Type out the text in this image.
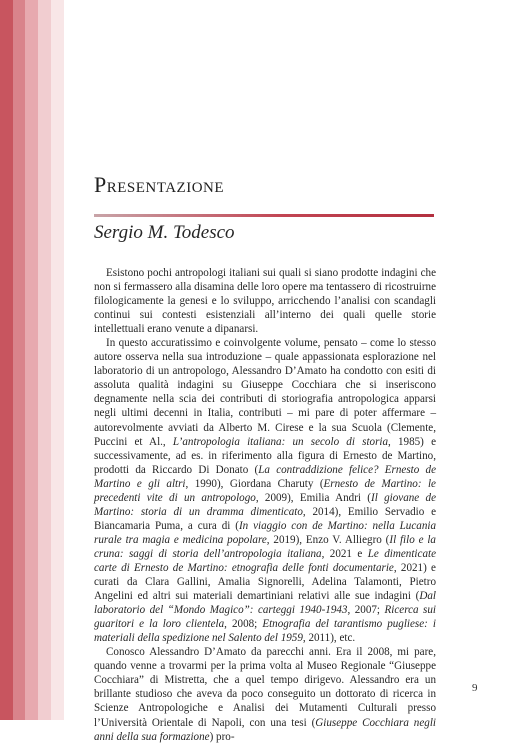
Presentazione
Sergio M. Todesco

Esistono pochi antropologi italiani sui quali si siano prodotte indagini che non si fermassero alla disamina delle loro opere ma tentassero di ricostruirne filologicamente la genesi e lo sviluppo, arricchendo l’analisi con scandagli continui sui contesti esistenziali all’interno dei quali quelle storie intellettuali erano venute a dipanarsi.

In questo accuratissimo e coinvolgente volume, pensato – come lo stesso autore osserva nella sua introduzione – quale appassionata esplorazione nel laboratorio di un antropologo, Alessandro D’Amato ha condotto con esiti di assoluta qualità indagini su Giuseppe Cocchiara che si inseriscono degnamente nella scia dei contributi di storiografia antropologica apparsi negli ultimi decenni in Italia, contributi – mi pare di poter affermare – autorevolmente avviati da Alberto M. Cirese e la sua Scuola (Clemente, Puccini et Al., L’antropologia italiana: un secolo di storia, 1985) e successivamente, ad es. in riferimento alla figura di Ernesto de Martino, prodotti da Riccardo Di Donato (La contraddizione felice? Ernesto de Martino e gli altri, 1990), Giordana Charuty (Ernesto de Martino: le precedenti vite di un antropologo, 2009), Emilia Andri (Il giovane de Martino: storia di un dramma dimenticato, 2014), Emilio Servadio e Biancamaria Puma, a cura di (In viaggio con de Martino: nella Lucania rurale tra magia e medicina popolare, 2019), Enzo V. Alliegro (Il filo e la cruna: saggi di storia dell’antropologia italiana, 2021 e Le dimenticate carte di Ernesto de Martino: etnografia delle fonti documentarie, 2021) e curati da Clara Gallini, Amalia Signorelli, Adelina Talamonti, Pietro Angelini ed altri sui materiali demartiniani relativi alle sue indagini (Dal laboratorio del “Mondo Magico”: carteggi 1940-1943, 2007; Ricerca sui guaritori e la loro clientela, 2008; Etnografia del tarantismo pugliese: i materiali della spedizione nel Salento del 1959, 2011), etc.

Conosco Alessandro D’Amato da parecchi anni. Era il 2008, mi pare, quando venne a trovarmi per la prima volta al Museo Regionale “Giuseppe Cocchiara” di Mistretta, che a quel tempo dirigevo. Alessandro era un brillante studioso che aveva da poco conseguito un dottorato di ricerca in Scienze Antropologiche e Analisi dei Mutamenti Culturali presso l’Università Orientale di Napoli, con una tesi (Giuseppe Cocchiara negli anni della sua formazione) pro-

9
